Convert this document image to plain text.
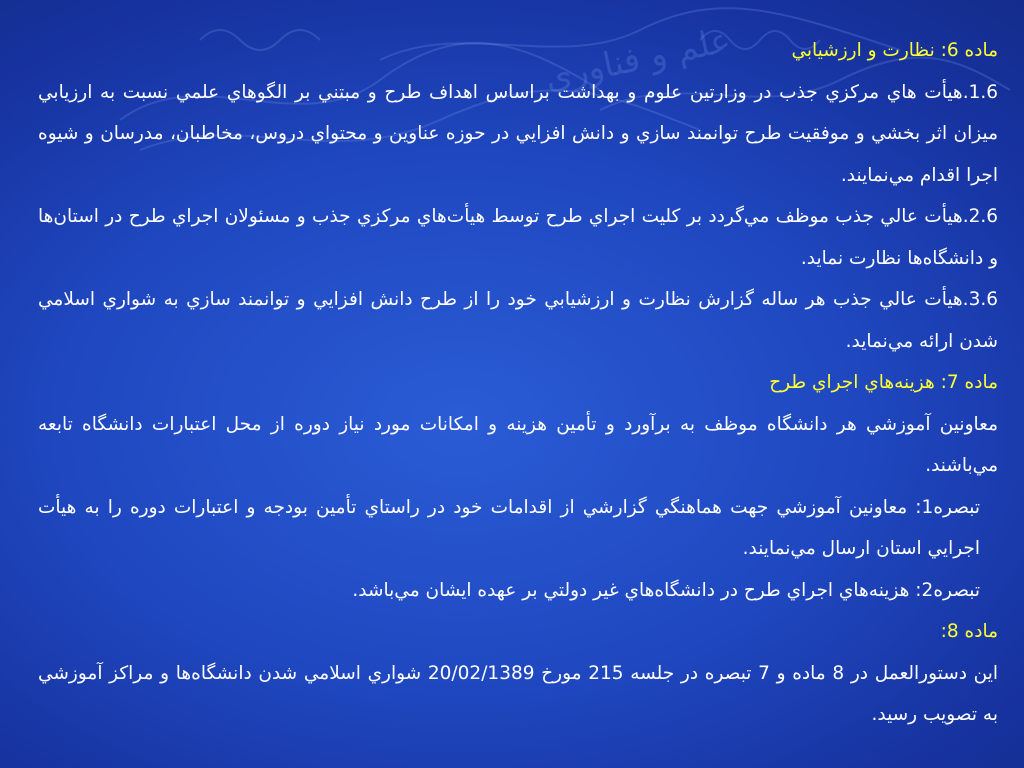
علم و فناوری	ماده 6: نظارت و ارزشيابي

1.6.هيأت هاي مرکزي جذب در وزارتين علوم و بهداشت براساس اهداف طرح و مبتني بر الگوهاي علمي نسبت به ارزيابي ميزان اثر بخشي و موفقيت طرح توانمند سازي و دانش افزايي در حوزه عناوين و محتواي دروس، مخاطبان، مدرسان و شيوه اجرا اقدام مي‌نمايند.

2.6.هيأت عالي جذب موظف مي‌گردد بر کليت اجراي طرح توسط هيأت‌هاي مرکزي جذب و مسئولان اجراي طرح در استان‌ها و دانشگاه‌ها نظارت نمايد.

3.6.هيأت عالي جذب هر ساله گزارش نظارت و ارزشيابي خود را از طرح دانش افزايي و توانمند سازي به شواري اسلامي شدن ارائه مي‌نمايد.

ماده 7: هزينه‌هاي اجراي طرح

معاونين آموزشي هر دانشگاه موظف به برآورد و تأمين هزينه و امکانات مورد نياز دوره از محل اعتبارات دانشگاه تابعه مي‌باشند.

تبصره1: معاونين آموزشي جهت هماهنگي گزارشي از اقدامات خود در راستاي تأمين بودجه و اعتبارات دوره را به هيأت اجرايي استان ارسال مي‌نمايند.

تبصره2: هزينه‌هاي اجراي طرح در دانشگاه‌هاي غير دولتي بر عهده ايشان مي‌باشد.

ماده 8:

اين دستورالعمل در 8 ماده و 7 تبصره در جلسه 215 مورخ 20/02/1389 شواري اسلامي شدن دانشگاه‌ها و مراکز آموزشي به تصويب رسيد.
